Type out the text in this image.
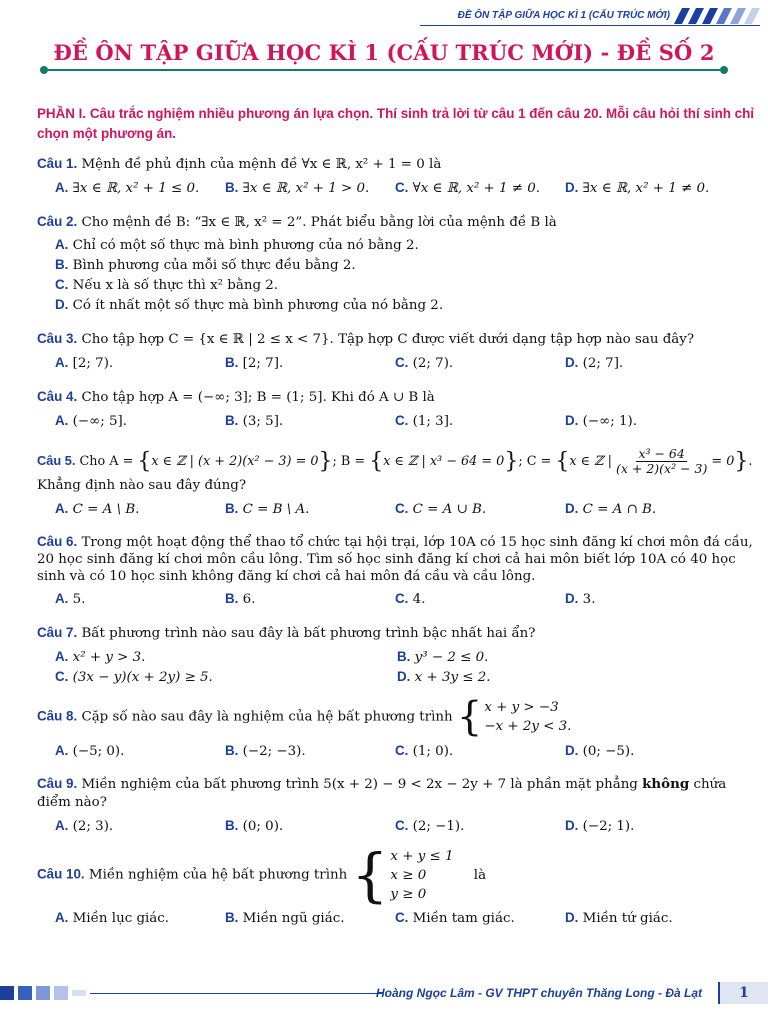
ĐỀ ÔN TẬP GIỮA HỌC KÌ 1 (CẤU TRÚC MỚI)
ĐỀ ÔN TẬP GIỮA HỌC KÌ 1 (CẤU TRÚC MỚI) - ĐỀ SỐ 2
PHẦN I. Câu trắc nghiệm nhiều phương án lựa chọn. Thí sinh trả lời từ câu 1 đến câu 20. Mỗi câu hỏi thí sinh chỉ chọn một phương án.
Câu 1. Mệnh đề phủ định của mệnh đề ∀x ∈ ℝ, x² + 1 = 0 là
A. ∃x ∈ ℝ, x² + 1 ≤ 0.	B. ∃x ∈ ℝ, x² + 1 > 0.	C. ∀x ∈ ℝ, x² + 1 ≠ 0.	D. ∃x ∈ ℝ, x² + 1 ≠ 0.
Câu 2. Cho mệnh đề B: “∃x ∈ ℝ, x² = 2”. Phát biểu bằng lời của mệnh đề B là
A. Chỉ có một số thực mà bình phương của nó bằng 2.
B. Bình phương của mỗi số thực đều bằng 2.
C. Nếu x là số thực thì x² bằng 2.
D. Có ít nhất một số thực mà bình phương của nó bằng 2.
Câu 3. Cho tập hợp C = {x ∈ ℝ | 2 ≤ x < 7}. Tập hợp C được viết dưới dạng tập hợp nào sau đây?
A. [2; 7).	B. [2; 7].	C. (2; 7).	D. (2; 7].
Câu 4. Cho tập hợp A = (−∞; 3]; B = (1; 5]. Khi đó A ∪ B là
A. (−∞; 5].	B. (3; 5].	C. (1; 3].	D. (−∞; 1).
Câu 5. Cho A = {x ∈ ℤ | (x + 2)(x² − 3) = 0}; B = {x ∈ ℤ | x³ − 64 = 0}; C = {x ∈ ℤ | $\frac{\text{x³ − 64}}{\text{(x + 2)(x² − 3)}} = 0$}.
Khẳng định nào sau đây đúng?
A. C = A \ B.	B. C = B \ A.	C. C = A ∪ B.	D. C = A ∩ B.
Câu 6. Trong một hoạt động thể thao tổ chức tại hội trại, lớp 10A có 15 học sinh đăng kí chơi môn đá cầu, 20 học sinh đăng kí chơi môn cầu lông. Tìm số học sinh đăng kí chơi cả hai môn biết lớp 10A có 40 học sinh và có 10 học sinh không đăng kí chơi cả hai môn đá cầu và cầu lông.
A. 5.	B. 6.	C. 4.	D. 3.
Câu 7. Bất phương trình nào sau đây là bất phương trình bậc nhất hai ẩn?
A. x² + y > 3.	B. y³ − 2 ≤ 0.
C. (3x − y)(x + 2y) ≥ 5.	D. x + 3y ≤ 2.
Câu 8. Cặp số nào sau đây là nghiệm của hệ bất phương trình { x + y > −3
−x + 2y < 3.
A. (−5; 0).	B. (−2; −3).	C. (1; 0).	D. (0; −5).
Câu 9. Miền nghiệm của bất phương trình 5(x + 2) − 9 < 2x − 2y + 7 là phần mặt phẳng không chứa điểm nào?
A. (2; 3).	B. (0; 0).	C. (2; −1).	D. (−2; 1).
Câu 10. Miền nghiệm của hệ bất phương trình { x + y ≤ 1
x ≥ 0
y ≥ 0
là
A. Miền lục giác.	B. Miền ngũ giác.	C. Miền tam giác.	D. Miền tứ giác.
Hoàng Ngọc Lâm - GV THPT chuyên Thăng Long - Đà Lạt	1
